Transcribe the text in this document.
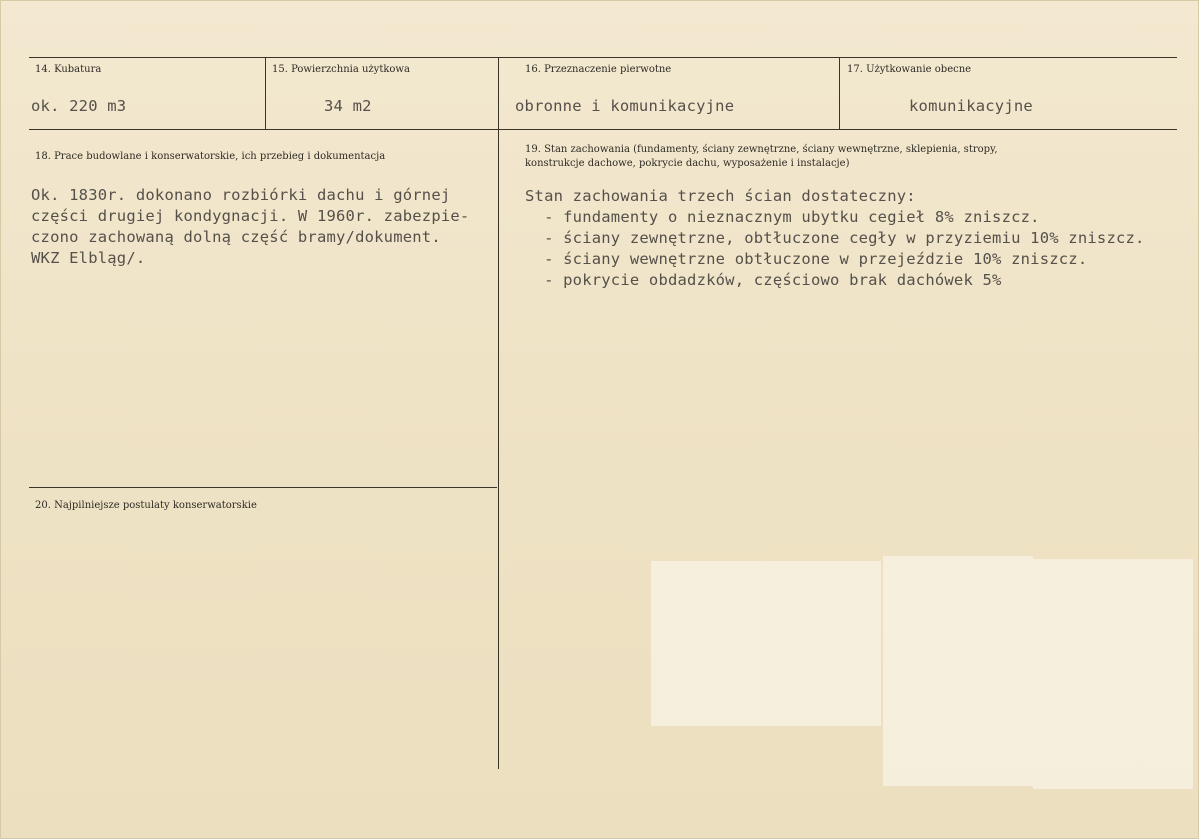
14. Kubatura
ok. 220 m3
15. Powierzchnia użytkowa
34 m2
16. Przeznaczenie pierwotne
obronne i komunikacyjne
17. Użytkowanie obecne
komunikacyjne
18. Prace budowlane i konserwatorskie, ich przebieg i dokumentacja
Ok. 1830r. dokonano rozbiórki dachu i górnej
części drugiej kondygnacji. W 1960r. zabezpie-
czono zachowaną dolną część bramy/dokument.
WKZ Elbląg/.
19. Stan zachowania (fundamenty, ściany zewnętrzne, ściany wewnętrzne, sklepienia, stropy,
konstrukcje dachowe, pokrycie dachu, wyposażenie i instalacje)
Stan zachowania trzech ścian dostateczny:
- fundamenty o nieznacznym ubytku cegieł 8% zniszcz.
- ściany zewnętrzne, obtłuczone cegły w przyziemiu 10% zniszcz.
- ściany wewnętrzne obtłuczone w przejeździe 10% zniszcz.
- pokrycie obdadzków, częściowo brak dachówek 5%
20. Najpilniejsze postulaty konserwatorskie
